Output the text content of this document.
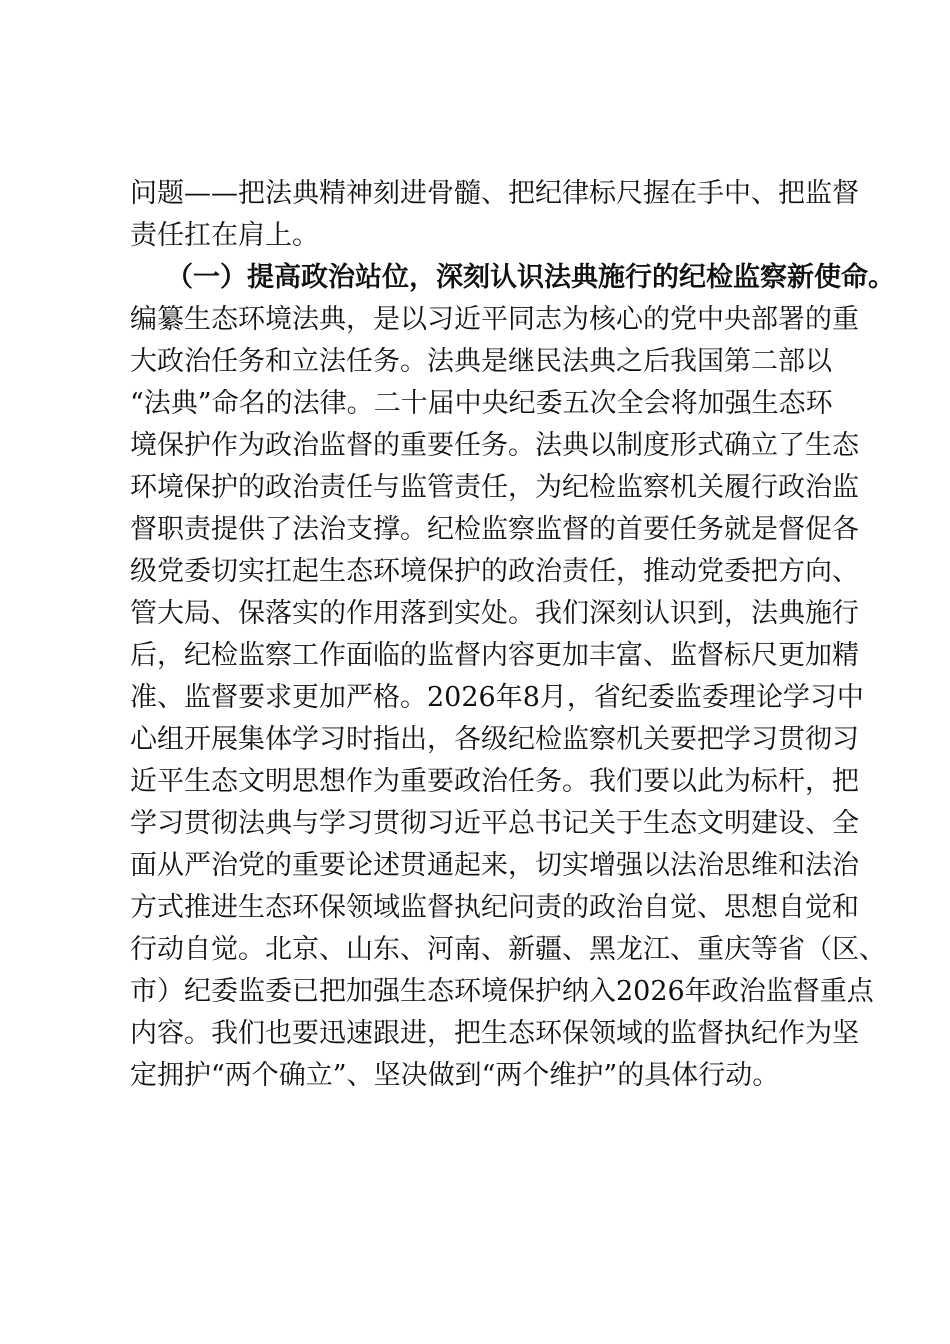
问题——把法典精神刻进骨髓、把纪律标尺握在手中、把监督
责任扛在肩上。
（一）提高政治站位，深刻认识法典施行的纪检监察新使命。
编纂生态环境法典，是以习近平同志为核心的党中央部署的重
大政治任务和立法任务。法典是继民法典之后我国第二部以
“法典”命名的法律。二十届中央纪委五次全会将加强生态环
境保护作为政治监督的重要任务。法典以制度形式确立了生态
环境保护的政治责任与监管责任，为纪检监察机关履行政治监
督职责提供了法治支撑。纪检监察监督的首要任务就是督促各
级党委切实扛起生态环境保护的政治责任，推动党委把方向、
管大局、保落实的作用落到实处。我们深刻认识到，法典施行
后，纪检监察工作面临的监督内容更加丰富、监督标尺更加精
准、监督要求更加严格。2026年8月，省纪委监委理论学习中
心组开展集体学习时指出，各级纪检监察机关要把学习贯彻习
近平生态文明思想作为重要政治任务。我们要以此为标杆，把
学习贯彻法典与学习贯彻习近平总书记关于生态文明建设、全
面从严治党的重要论述贯通起来，切实增强以法治思维和法治
方式推进生态环保领域监督执纪问责的政治自觉、思想自觉和
行动自觉。北京、山东、河南、新疆、黑龙江、重庆等省（区、
市）纪委监委已把加强生态环境保护纳入2026年政治监督重点
内容。我们也要迅速跟进，把生态环保领域的监督执纪作为坚
定拥护“两个确立”、坚决做到“两个维护”的具体行动。
